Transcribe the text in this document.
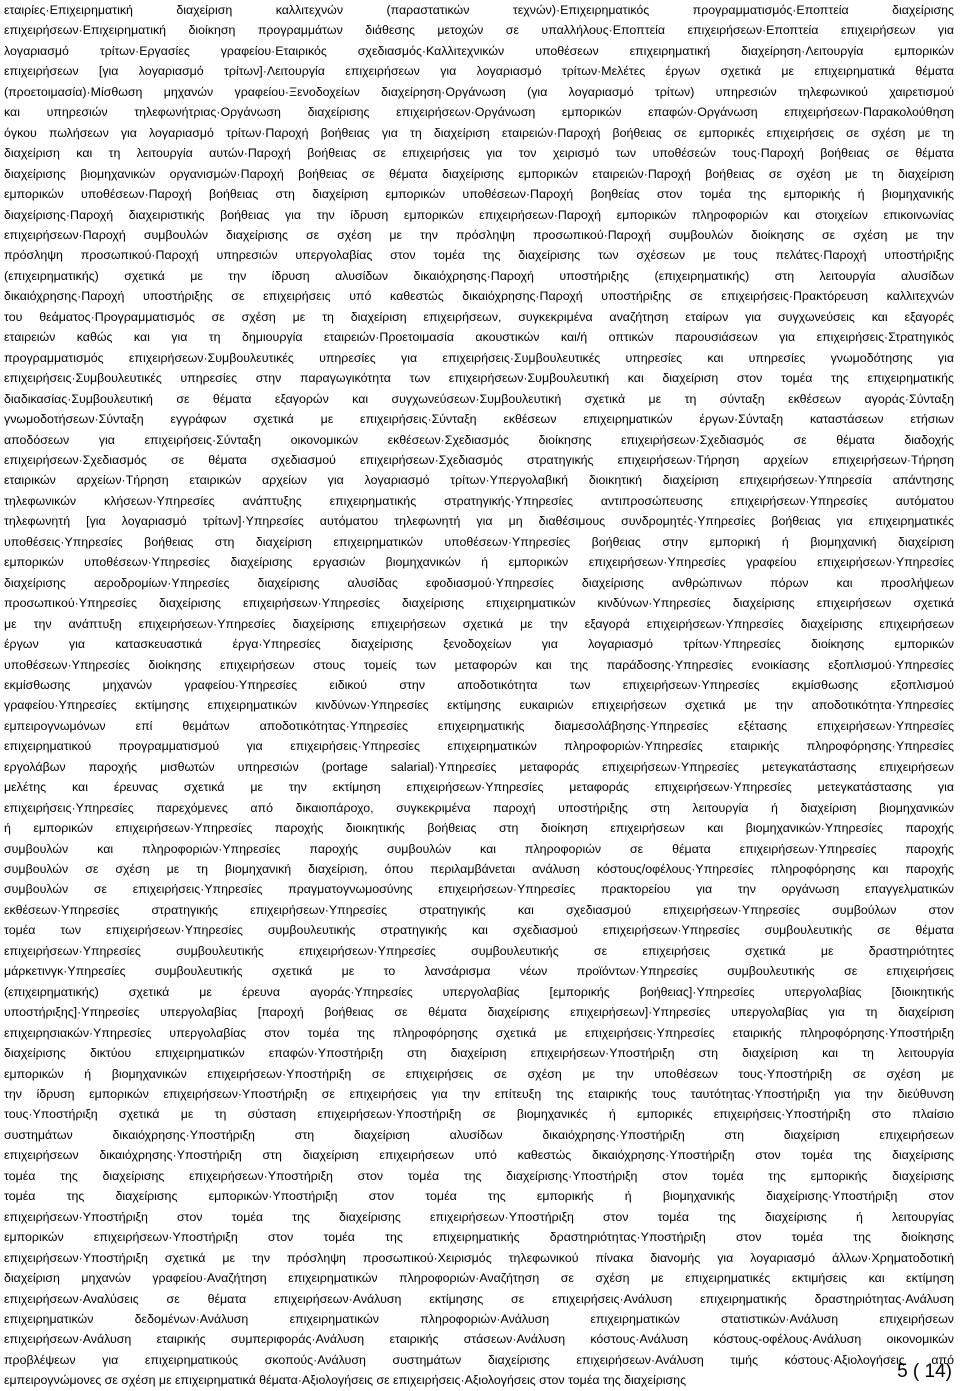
εταιρίες·Επιχειρηματική διαχείριση καλλιτεχνών (παραστατικών τεχνών)·Επιχειρηματικός προγραμματισμός·Εποπτεία διαχείρισης
επιχειρήσεων·Επιχειρηματική διοίκηση προγραμμάτων διάθεσης μετοχών σε υπαλλήλους·Εποπτεία επιχειρήσεων·Εποπτεία επιχειρήσεων για
λογαριασμό τρίτων·Εργασίες γραφείου·Εταιρικός σχεδιασμός·Καλλιτεχνικών υποθέσεων επιχειρηματική διαχείρηση·Λειτουργία εμπορικών
επιχειρήσεων [για λογαριασμό τρίτων]·Λειτουργία επιχειρήσεων για λογαριασμό τρίτων·Μελέτες έργων σχετικά με επιχειρηματικά θέματα
(προετοιμασία)·Μίσθωση μηχανών γραφείου·Ξενοδοχείων διαχείρηση·Οργάνωση (για λογαριασμό τρίτων) υπηρεσιών τηλεφωνικού χαιρετισμού
και υπηρεσιών τηλεφωνήτριας·Οργάνωση διαχείρισης επιχειρήσεων·Οργάνωση εμπορικών επαφών·Οργάνωση επιχειρήσεων·Παρακολούθηση
όγκου πωλήσεων για λογαριασμό τρίτων·Παροχή βοήθειας για τη διαχείριση εταιρειών·Παροχή βοήθειας σε εμπορικές επιχειρήσεις σε σχέση με τη
διαχείριση και τη λειτουργία αυτών·Παροχή βοήθειας σε επιχειρήσεις για τον χειρισμό των υποθέσεών τους·Παροχή βοήθειας σε θέματα
διαχείρισης βιομηχανικών οργανισμών·Παροχή βοήθειας σε θέματα διαχείρισης εμπορικών εταιρειών·Παροχή βοήθειας σε σχέση με τη διαχείριση
εμπορικών υποθέσεων·Παροχή βοήθειας στη διαχείριση εμπορικών υποθέσεων·Παροχή βοηθείας στον τομέα της εμπορικής ή βιομηχανικής
διαχείρισης·Παροχή διαχειριστικής βοήθειας για την ίδρυση εμπορικών επιχειρήσεων·Παροχή εμπορικών πληροφοριών και στοιχείων επικοινωνίας
επιχειρήσεων·Παροχή συμβουλών διαχείρισης σε σχέση με την πρόσληψη προσωπικού·Παροχή συμβουλών διοίκησης σε σχέση με την
πρόσληψη προσωπικού·Παροχή υπηρεσιών υπεργολαβίας στον τομέα της διαχείρισης των σχέσεων με τους πελάτες·Παροχή υποστήριξης
(επιχειρηματικής) σχετικά με την ίδρυση αλυσίδων δικαιόχρησης·Παροχή υποστήριξης (επιχειρηματικής) στη λειτουργία αλυσίδων
δικαιόχρησης·Παροχή υποστήριξης σε επιχειρήσεις υπό καθεστώς δικαιόχρησης·Παροχή υποστήριξης σε επιχειρήσεις·Πρακτόρευση καλλιτεχνών
του θεάματος·Προγραμματισμός σε σχέση με τη διαχείριση επιχειρήσεων, συγκεκριμένα αναζήτηση εταίρων για συγχωνεύσεις και εξαγορές
εταιρειών καθώς και για τη δημιουργία εταιρειών·Προετοιμασία ακουστικών και/ή οπτικών παρουσιάσεων για επιχειρήσεις·Στρατηγικός
προγραμματισμός επιχειρήσεων·Συμβουλευτικές υπηρεσίες για επιχειρήσεις·Συμβουλευτικές υπηρεσίες και υπηρεσίες γνωμοδότησης για
επιχειρήσεις·Συμβουλευτικές υπηρεσίες στην παραγωγικότητα των επιχειρήσεων·Συμβουλευτική και διαχείριση στον τομέα της επιχειρηματικής
διαδικασίας·Συμβουλευτική σε θέματα εξαγορών και συγχωνεύσεων·Συμβουλευτική σχετικά με τη σύνταξη εκθέσεων αγοράς·Σύνταξη
γνωμοδοτήσεων·Σύνταξη εγγράφων σχετικά με επιχειρήσεις·Σύνταξη εκθέσεων επιχειρηματικών έργων·Σύνταξη καταστάσεων ετήσιων
αποδόσεων για επιχειρήσεις·Σύνταξη οικονομικών εκθέσεων·Σχεδιασμός διοίκησης επιχειρήσεων·Σχεδιασμός σε θέματα διαδοχής
επιχειρήσεων·Σχεδιασμός σε θέματα σχεδιασμού επιχειρήσεων·Σχεδιασμός στρατηγικής επιχειρήσεων·Τήρηση αρχείων επιχειρήσεων·Τήρηση
εταιρικών αρχείων·Τήρηση εταιρικών αρχείων για λογαριασμό τρίτων·Υπεργολαβική διοικητική διαχείριση επιχειρήσεων·Υπηρεσία απάντησης
τηλεφωνικών κλήσεων·Υπηρεσίες ανάπτυξης επιχειρηματικής στρατηγικής·Υπηρεσίες αντιπροσώπευσης επιχειρήσεων·Υπηρεσίες αυτόματου
τηλεφωνητή [για λογαριασμό τρίτων]·Υπηρεσίες αυτόματου τηλεφωνητή για μη διαθέσιμους συνδρομητές·Υπηρεσίες βοήθειας για επιχειρηματικές
υποθέσεις·Υπηρεσίες βοήθειας στη διαχείριση επιχειρηματικών υποθέσεων·Υπηρεσίες βοήθειας στην εμπορική ή βιομηχανική διαχείριση
εμπορικών υποθέσεων·Υπηρεσίες διαχείρισης εργασιών βιομηχανικών ή εμπορικών επιχειρήσεων·Υπηρεσίες γραφείου επιχειρήσεων·Υπηρεσίες
διαχείρισης αεροδρομίων·Υπηρεσίες διαχείρισης αλυσίδας εφοδιασμού·Υπηρεσίες διαχείρισης ανθρώπινων πόρων και προσλήψεων
προσωπικού·Υπηρεσίες διαχείρισης επιχειρήσεων·Υπηρεσίες διαχείρισης επιχειρηματικών κινδύνων·Υπηρεσίες διαχείρισης επιχειρήσεων σχετικά
με την ανάπτυξη επιχειρήσεων·Υπηρεσίες διαχείρισης επιχειρήσεων σχετικά με την εξαγορά επιχειρήσεων·Υπηρεσίες διαχείρισης επιχειρήσεων
έργων για κατασκευαστικά έργα·Υπηρεσίες διαχείρισης ξενοδοχείων για λογαριασμό τρίτων·Υπηρεσίες διοίκησης εμπορικών
υποθέσεων·Υπηρεσίες διοίκησης επιχειρήσεων στους τομείς των μεταφορών και της παράδοσης·Υπηρεσίες ενοικίασης εξοπλισμού·Υπηρεσίες
εκμίσθωσης μηχανών γραφείου·Υπηρεσίες ειδικού στην αποδοτικότητα των επιχειρήσεων·Υπηρεσίες εκμίσθωσης εξοπλισμού
γραφείου·Υπηρεσίες εκτίμησης επιχειρηματικών κινδύνων·Υπηρεσίες εκτίμησης ευκαιριών επιχειρήσεων σχετικά με την αποδοτικότητα·Υπηρεσίες
εμπειρογνωμόνων επί θεμάτων αποδοτικότητας·Υπηρεσίες επιχειρηματικής διαμεσολάβησης·Υπηρεσίες εξέτασης επιχειρήσεων·Υπηρεσίες
επιχειρηματικού προγραμματισμού για επιχειρήσεις·Υπηρεσίες επιχειρηματικών πληροφοριών·Υπηρεσίες εταιρικής πληροφόρησης·Υπηρεσίες
εργολάβων παροχής μισθωτών υπηρεσιών (portage salarial)·Υπηρεσίες μεταφοράς επιχειρήσεων·Υπηρεσίες μετεγκατάστασης επιχειρήσεων
μελέτης και έρευνας σχετικά με την εκτίμηση επιχειρήσεων·Υπηρεσίες μεταφοράς επιχειρήσεων·Υπηρεσίες μετεγκατάστασης για
επιχειρήσεις·Υπηρεσίες παρεχόμενες από δικαιοπάροχο, συγκεκριμένα παροχή υποστήριξης στη λειτουργία ή διαχείριση βιομηχανικών
ή εμπορικών επιχειρήσεων·Υπηρεσίες παροχής διοικητικής βοήθειας στη διοίκηση επιχειρήσεων και βιομηχανικών·Υπηρεσίες παροχής
συμβουλών και πληροφοριών·Υπηρεσίες παροχής συμβουλών και πληροφοριών σε θέματα επιχειρήσεων·Υπηρεσίες παροχής
συμβουλών σε σχέση με τη βιομηχανική διαχείριση, όπου περιλαμβάνεται ανάλυση κόστους/οφέλους·Υπηρεσίες πληροφόρησης και παροχής
συμβουλών σε επιχειρήσεις·Υπηρεσίες πραγματογνωμοσύνης επιχειρήσεων·Υπηρεσίες πρακτορείου για την οργάνωση επαγγελματικών
εκθέσεων·Υπηρεσίες στρατηγικής επιχειρήσεων·Υπηρεσίες στρατηγικής και σχεδιασμού επιχειρήσεων·Υπηρεσίες συμβούλων στον
τομέα των επιχειρήσεων·Υπηρεσίες συμβουλευτικής στρατηγικής και σχεδιασμού επιχειρήσεων·Υπηρεσίες συμβουλευτικής σε θέματα
επιχειρήσεων·Υπηρεσίες συμβουλευτικής επιχειρήσεων·Υπηρεσίες συμβουλευτικής σε επιχειρήσεις σχετικά με δραστηριότητες
μάρκετινγκ·Υπηρεσίες συμβουλευτικής σχετικά με το λανσάρισμα νέων προϊόντων·Υπηρεσίες συμβουλευτικής σε επιχειρήσεις
(επιχειρηματικής) σχετικά με έρευνα αγοράς·Υπηρεσίες υπεργολαβίας [εμπορικής βοήθειας]·Υπηρεσίες υπεργολαβίας [διοικητικής
υποστήριξης]·Υπηρεσίες υπεργολαβίας [παροχή βοήθειας σε θέματα διαχείρισης επιχειρήσεων]·Υπηρεσίες υπεργολαβίας για τη διαχείριση
επιχειρησιακών·Υπηρεσίες υπεργολαβίας στον τομέα της πληροφόρησης σχετικά με επιχειρήσεις·Υπηρεσίες εταιρικής πληροφόρησης·Υποστήριξη
διαχείρισης δικτύου επιχειρηματικών επαφών·Υποστήριξη στη διαχείριση επιχειρήσεων·Υποστήριξη στη διαχείριση και τη λειτουργία
εμπορικών ή βιομηχανικών επιχειρήσεων·Υποστήριξη σε επιχειρήσεις σε σχέση με την υποθέσεων τους·Υποστήριξη σε σχέση με
την ίδρυση εμπορικών επιχειρήσεων·Υποστήριξη σε επιχειρήσεις για την επίτευξη της εταιρικής τους ταυτότητας·Υποστήριξη για την διεύθυνση
τους·Υποστήριξη σχετικά με τη σύσταση επιχειρήσεων·Υποστήριξη σε βιομηχανικές ή εμπορικές επιχειρήσεις·Υποστήριξη στο πλαίσιο
συστημάτων δικαιόχρησης·Υποστήριξη στη διαχείριση αλυσίδων δικαιόχρησης·Υποστήριξη στη διαχείριση επιχειρήσεων
επιχειρήσεων δικαιόχρησης·Υποστήριξη στη διαχείριση επιχειρήσεων υπό καθεστώς δικαιόχρησης·Υποστήριξη στον τομέα της διαχείρισης
τομέα της διαχείρισης επιχειρήσεων·Υποστήριξη στον τομέα της διαχείρισης·Υποστήριξη στον τομέα της εμπορικής διαχείρισης
τομέα της διαχείρισης εμπορικών·Υποστήριξη στον τομέα της εμπορικής ή βιομηχανικής διαχείρισης·Υποστήριξη στον
επιχειρήσεων·Υποστήριξη στον τομέα της διαχείρισης επιχειρήσεων·Υποστήριξη στον τομέα της διαχείρισης ή λειτουργίας
εμπορικών επιχειρήσεων·Υποστήριξη στον τομέα της επιχειρηματικής δραστηριότητας·Υποστήριξη στον τομέα της διοίκησης
επιχειρήσεων·Υποστήριξη σχετικά με την πρόσληψη προσωπικού·Χειρισμός τηλεφωνικού πίνακα διανομής για λογαριασμό άλλων·Χρηματοδοτική
διαχείριση μηχανών γραφείου·Αναζήτηση επιχειρηματικών πληροφοριών·Αναζήτηση σε σχέση με επιχειρηματικές εκτιμήσεις και εκτίμηση
επιχειρήσεων·Αναλύσεις σε θέματα επιχειρήσεων·Ανάλυση εκτίμησης σε επιχειρήσεις·Ανάλυση επιχειρηματικής δραστηριότητας·Ανάλυση
επιχειρηματικών δεδομένων·Ανάλυση επιχειρηματικών πληροφοριών·Ανάλυση επιχειρηματικών στατιστικών·Ανάλυση επιχειρήσεων
επιχειρήσεων·Ανάλυση εταιρικής συμπεριφοράς·Ανάλυση εταιρικής στάσεων·Ανάλυση κόστους·Ανάλυση κόστους-οφέλους·Ανάλυση οικονομικών
προβλέψεων για επιχειρηματικούς σκοπούς·Ανάλυση συστημάτων διαχείρισης επιχειρήσεων·Ανάλυση τιμής κόστους·Αξιολογήσεις από
εμπειρογνώμονες σε σχέση με επιχειρηματικά θέματα·Αξιολογήσεις σε επιχειρήσεις·Αξιολογήσεις στον τομέα της διαχείρισης	5 ( 14)
